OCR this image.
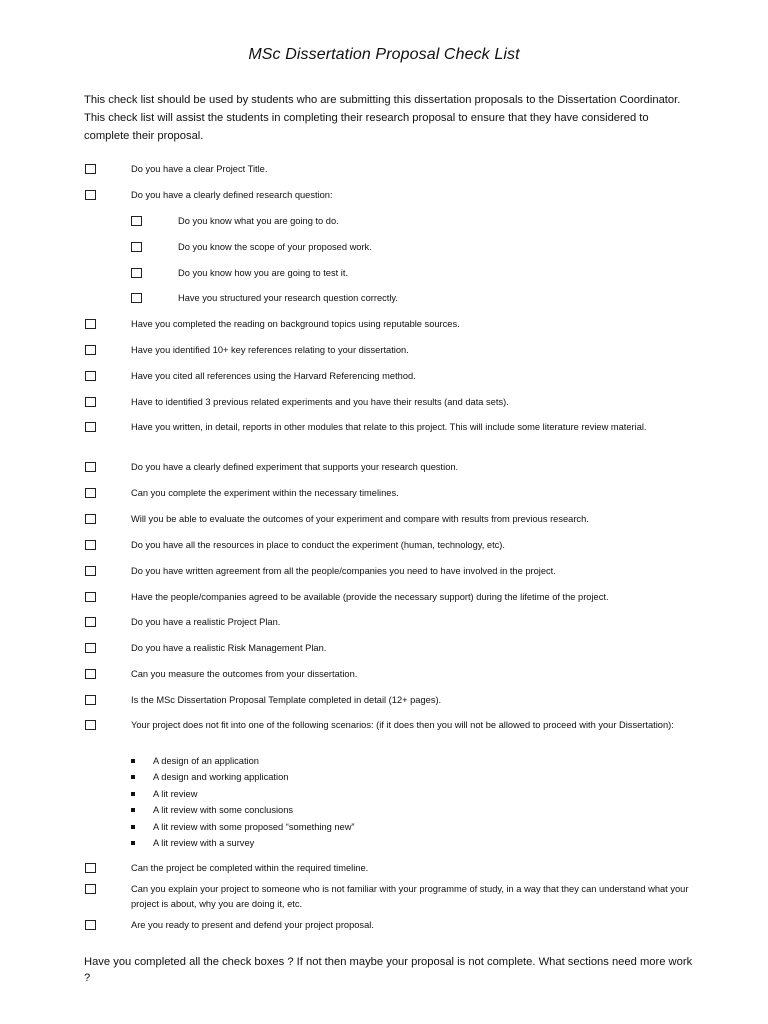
MSc Dissertation Proposal Check List
This check list should be used by students who are submitting this dissertation proposals to the Dissertation Coordinator. This check list will assist the students in completing their research proposal to ensure that they have considered to complete their proposal.
Do you have a clear Project Title.
Do you have a clearly defined research question:
Do you know what you are going to do.
Do you know the scope of your proposed work.
Do you know how you are going to test it.
Have you structured your research question correctly.
Have you completed the reading on background topics using reputable sources.
Have you identified 10+ key references relating to your dissertation.
Have you cited all references using the Harvard Referencing method.
Have to identified 3 previous related experiments and you have their results (and data sets).
Have you written, in detail, reports in other modules that relate to this project. This will include some literature review material.
Do you have a clearly defined experiment that supports your research question.
Can you complete the experiment within the necessary timelines.
Will you be able to evaluate the outcomes of your experiment and compare with results from previous research.
Do you have all the resources in place to conduct the experiment (human, technology, etc).
Do you have written agreement from all the people/companies you need to have involved in the project.
Have the people/companies agreed to be available (provide the necessary support) during the lifetime of the project.
Do you have a realistic Project Plan.
Do you have a realistic Risk Management Plan.
Can you measure the outcomes from your dissertation.
Is the MSc Dissertation Proposal Template completed in detail (12+ pages).
Your project does not fit into one of the following scenarios: (if it does then you will not be allowed to proceed with your Dissertation):
Can the project be completed within the required timeline.
Can you explain your project to someone who is not familiar with your programme of study, in a way that they can understand what your project is about, why you are doing it, etc.
Are you ready to present and defend your project proposal.
A design of an application
A design and working application
A lit review
A lit review with some conclusions
A lit review with some proposed “something new”
A lit review with a survey
Have you completed all the check boxes ? If not then maybe your proposal is not complete. What sections need more work ?
